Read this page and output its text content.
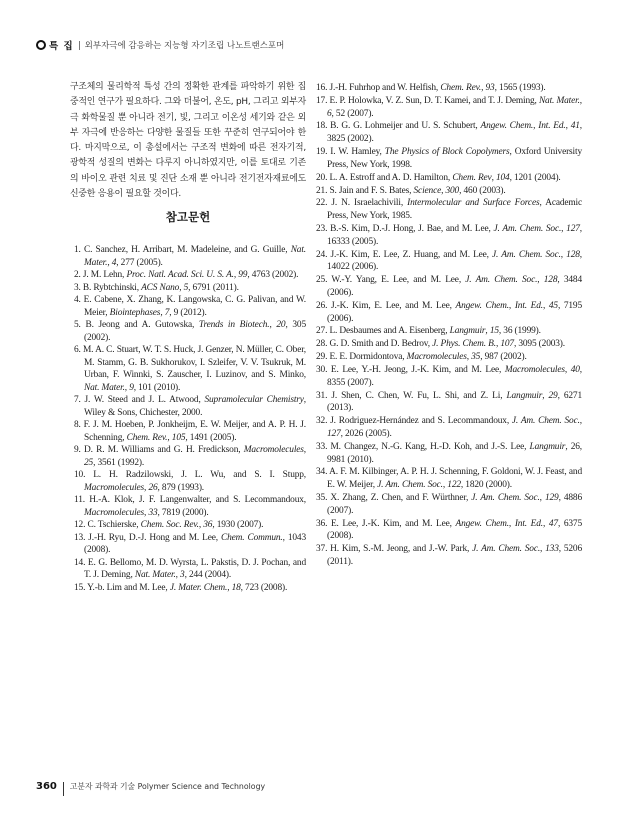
특 집 외부자극에 감응하는 지능형 자기조립 나노트랜스포머
구조체의 물리학적 특성 간의 정확한 관계를 파악하기 위한 집중적인 연구가 필요하다. 그와 더불어, 온도, pH, 그리고 외부자극 화학물질 뿐 아니라 전기, 빛, 그리고 이온성 세기와 같은 외부 자극에 반응하는 다양한 물질들 또한 꾸준히 연구되어야 한다. 마지막으로, 이 총설에서는 구조적 변화에 따른 전자기적, 광학적 성질의 변화는 다루지 아니하였지만, 이를 토대로 기존의 바이오 관련 치료 및 진단 소재 뿐 아니라 전기전자재료에도 신중한 응용이 필요할 것이다.
참고문헌
1. C. Sanchez, H. Arribart, M. Madeleine, and G. Guille, Nat. Mater., 4, 277 (2005).
2. J. M. Lehn, Proc. Natl. Acad. Sci. U. S. A., 99, 4763 (2002).
3. B. Rybtchinski, ACS Nano, 5, 6791 (2011).
4. E. Cabene, X. Zhang, K. Langowska, C. G. Palivan, and W. Meier, Biointephases, 7, 9 (2012).
5. B. Jeong and A. Gutowska, Trends in Biotech., 20, 305 (2002).
6. M. A. C. Stuart, W. T. S. Huck, J. Genzer, N. Müller, C. Ober, M. Stamm, G. B. Sukhorukov, I. Szleifer, V. V. Tsukruk, M. Urban, F. Winnki, S. Zauscher, I. Luzinov, and S. Minko, Nat. Mater., 9, 101 (2010).
7. J. W. Steed and J. L. Atwood, Supramolecular Chemistry, Wiley & Sons, Chichester, 2000.
8. F. J. M. Hoeben, P. Jonkheijm, E. W. Meijer, and A. P. H. J. Schenning, Chem. Rev., 105, 1491 (2005).
9. D. R. M. Williams and G. H. Fredickson, Macromolecules, 25, 3561 (1992).
10. L. H. Radzilowski, J. L. Wu, and S. I. Stupp, Macromolecules, 26, 879 (1993).
11. H.-A. Klok, J. F. Langenwalter, and S. Lecommandoux, Macromolecules, 33, 7819 (2000).
12. C. Tschierske, Chem. Soc. Rev., 36, 1930 (2007).
13. J.-H. Ryu, D.-J. Hong and M. Lee, Chem. Commun., 1043 (2008).
14. E. G. Bellomo, M. D. Wyrsta, L. Pakstis, D. J. Pochan, and T. J. Deming, Nat. Mater., 3, 244 (2004).
15. Y.-b. Lim and M. Lee, J. Mater. Chem., 18, 723 (2008).
16. J.-H. Fuhrhop and W. Helfish, Chem. Rev., 93, 1565 (1993).
17. E. P. Holowka, V. Z. Sun, D. T. Kamei, and T. J. Deming, Nat. Mater., 6, 52 (2007).
18. B. G. G. Lohmeijer and U. S. Schubert, Angew. Chem., Int. Ed., 41, 3825 (2002).
19. I. W. Hamley, The Physics of Block Copolymers, Oxford University Press, New York, 1998.
20. L. A. Estroff and A. D. Hamilton, Chem. Rev, 104, 1201 (2004).
21. S. Jain and F. S. Bates, Science, 300, 460 (2003).
22. J. N. Israelachivili, Intermolecular and Surface Forces, Academic Press, New York, 1985.
23. B.-S. Kim, D.-J. Hong, J. Bae, and M. Lee, J. Am. Chem. Soc., 127, 16333 (2005).
24. J.-K. Kim, E. Lee, Z. Huang, and M. Lee, J. Am. Chem. Soc., 128, 14022 (2006).
25. W.-Y. Yang, E. Lee, and M. Lee, J. Am. Chem. Soc., 128, 3484 (2006).
26. J.-K. Kim, E. Lee, and M. Lee, Angew. Chem., Int. Ed., 45, 7195 (2006).
27. L. Desbaumes and A. Eisenberg, Langmuir, 15, 36 (1999).
28. G. D. Smith and D. Bedrov, J. Phys. Chem. B., 107, 3095 (2003).
29. E. E. Dormidontova, Macromolecules, 35, 987 (2002).
30. E. Lee, Y.-H. Jeong, J.-K. Kim, and M. Lee, Macromolecules, 40, 8355 (2007).
31. J. Shen, C. Chen, W. Fu, L. Shi, and Z. Li, Langmuir, 29, 6271 (2013).
32. J. Rodriguez-Hernández and S. Lecommandoux, J. Am. Chem. Soc., 127, 2026 (2005).
33. M. Changez, N.-G. Kang, H.-D. Koh, and J.-S. Lee, Langmuir, 26, 9981 (2010).
34. A. F. M. Kilbinger, A. P. H. J. Schenning, F. Goldoni, W. J. Feast, and E. W. Meijer, J. Am. Chem. Soc., 122, 1820 (2000).
35. X. Zhang, Z. Chen, and F. Würthner, J. Am. Chem. Soc., 129, 4886 (2007).
36. E. Lee, J.-K. Kim, and M. Lee, Angew. Chem., Int. Ed., 47, 6375 (2008).
37. H. Kim, S.-M. Jeong, and J.-W. Park, J. Am. Chem. Soc., 133, 5206 (2011).
360 고분자 과학과 기술 Polymer Science and Technology
